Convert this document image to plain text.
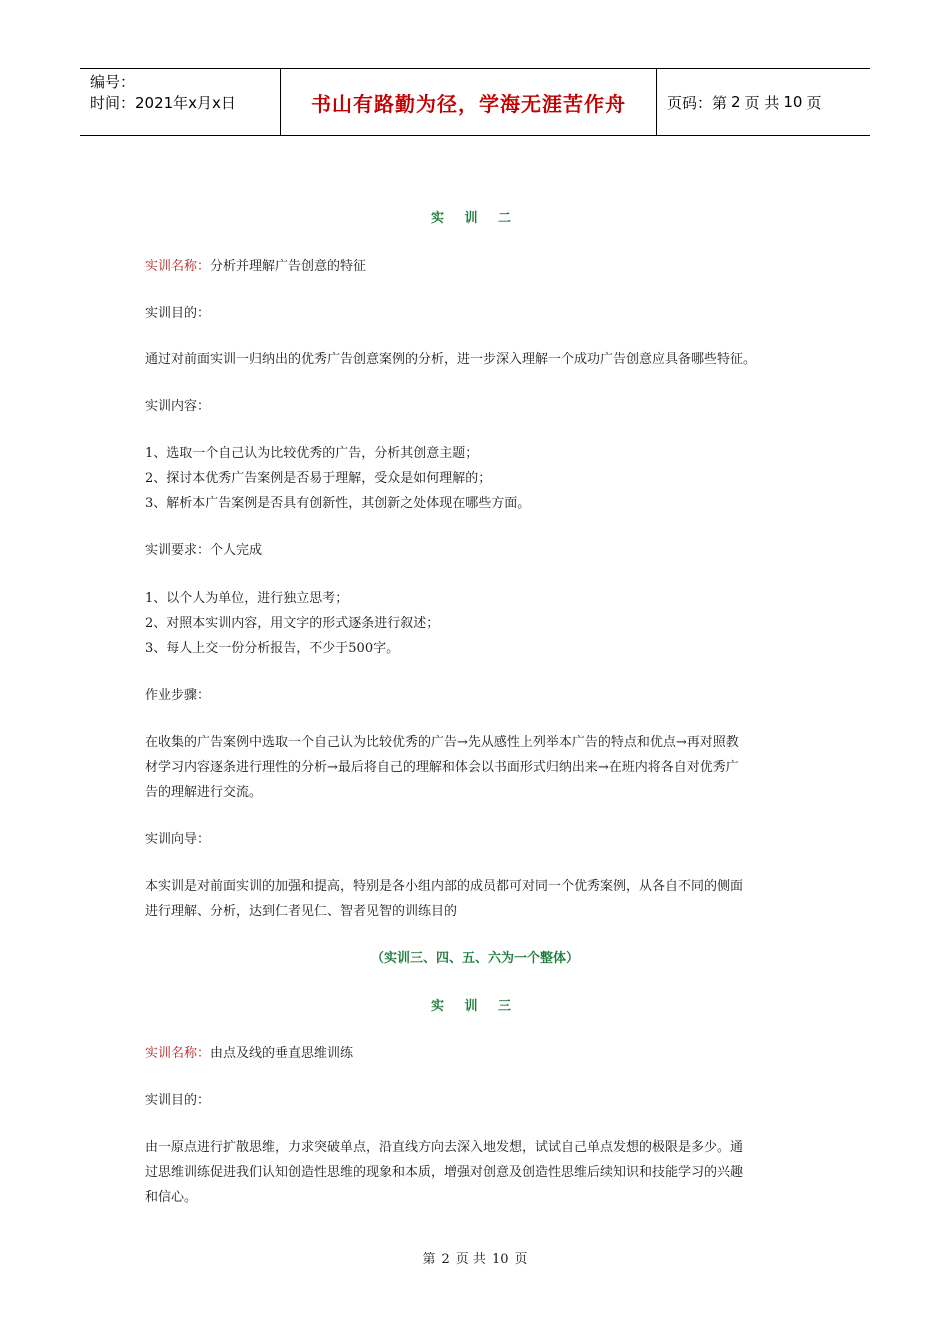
编号：
时间：2021年x月x日	书山有路勤为径，学海无涯苦作舟	页码：第 2 页 共 10 页
实 训 二
实训名称：分析并理解广告创意的特征
实训目的：
通过对前面实训一归纳出的优秀广告创意案例的分析，进一步深入理解一个成功广告创意应具备哪些特征。
实训内容：
1、选取一个自己认为比较优秀的广告，分析其创意主题；
2、探讨本优秀广告案例是否易于理解，受众是如何理解的；
3、解析本广告案例是否具有创新性，其创新之处体现在哪些方面。
实训要求：个人完成
1、以个人为单位，进行独立思考；
2、对照本实训内容，用文字的形式逐条进行叙述；
3、每人上交一份分析报告，不少于500字。
作业步骤：
在收集的广告案例中选取一个自己认为比较优秀的广告→先从感性上列举本广告的特点和优点→再对照教
材学习内容逐条进行理性的分析→最后将自己的理解和体会以书面形式归纳出来→在班内将各自对优秀广
告的理解进行交流。
实训向导：
本实训是对前面实训的加强和提高，特别是各小组内部的成员都可对同一个优秀案例，从各自不同的侧面
进行理解、分析，达到仁者见仁、智者见智的训练目的
（实训三、四、五、六为一个整体）
实 训 三
实训名称：由点及线的垂直思维训练
实训目的：
由一原点进行扩散思维，力求突破单点，沿直线方向去深入地发想，试试自己单点发想的极限是多少。通
过思维训练促进我们认知创造性思维的现象和本质，增强对创意及创造性思维后续知识和技能学习的兴趣
和信心。
第 2 页 共 10 页
